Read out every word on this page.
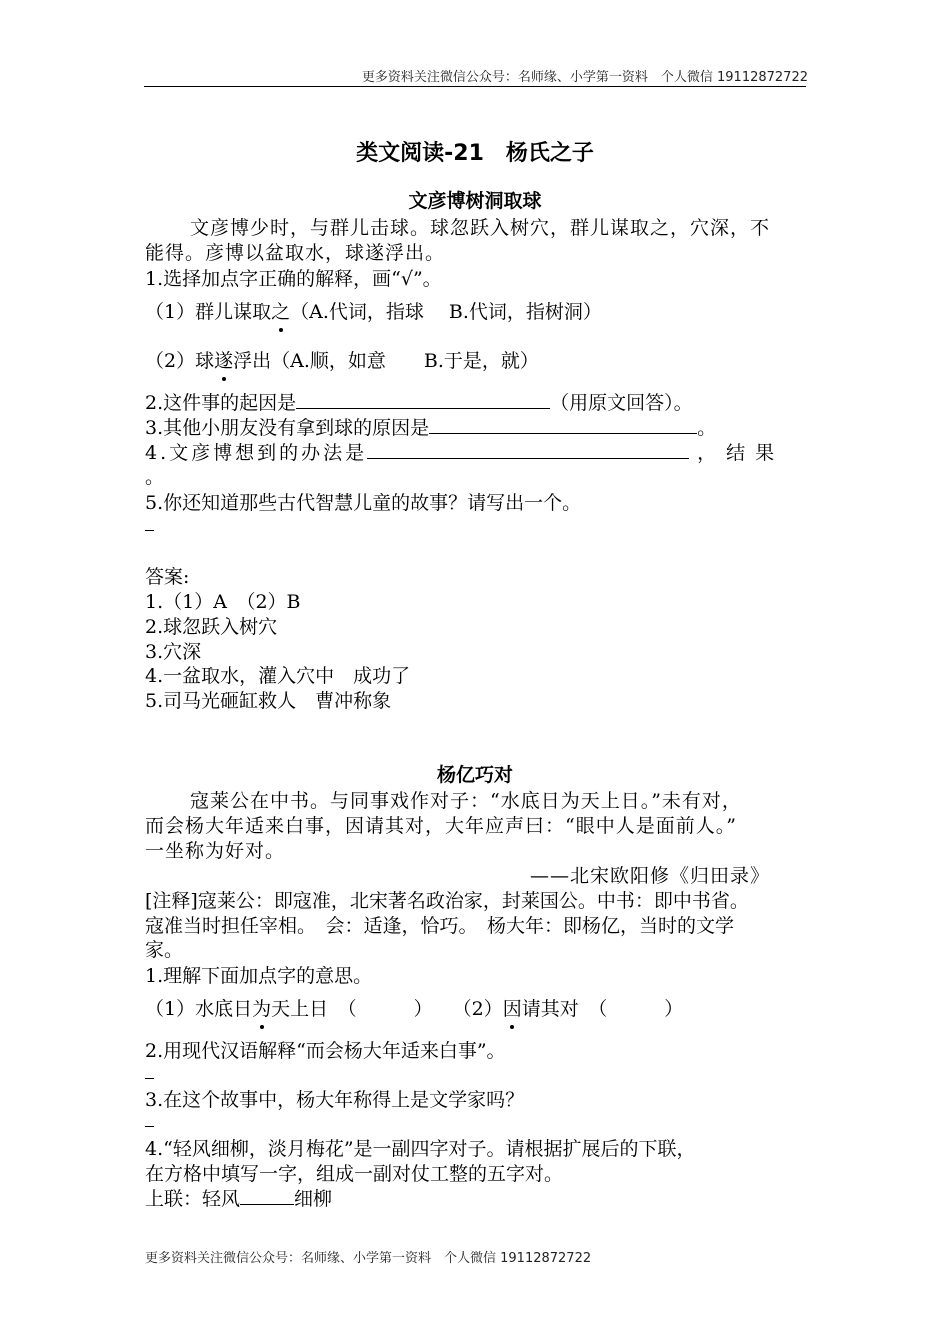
更多资料关注微信公众号：名师缘、小学第一资料　个人微信 19112872722
类文阅读-21　杨氏之子
文彦博树洞取球
文彦博少时，与群儿击球。球忽跃入树穴，群儿谋取之，穴深，不
能得。彦博以盆取水，球遂浮出。
1.选择加点字正确的解释，画“√”。
（1）群儿谋取之（A.代词，指球　 B.代词，指树洞）
（2）球遂浮出（A.顺，如意　　B.于是，就）
2.这件事的起因是	（用原文回答）。
3.其他小朋友没有拿到球的原因是	。
4.文彦博想到的办法是	，结果
。
5.你还知道那些古代智慧儿童的故事？请写出一个。
答案:
1.（1）A　（2）B
2.球忽跃入树穴
3.穴深
4.一盆取水，灌入穴中　成功了
5.司马光砸缸救人　曹冲称象
杨亿巧对
寇莱公在中书。与同事戏作对子：“水底日为天上日。”未有对，
而会杨大年适来白事，因请其对，大年应声曰：“眼中人是面前人。”
一坐称为好对。
——北宋欧阳修《归田录》
[注释]寇莱公：即寇准，北宋著名政治家，封莱国公。中书：即中书省。
寇准当时担任宰相。　会：适逢，恰巧。　杨大年：即杨亿，当时的文学
家。
1.理解下面加点字的意思。
（1）水底日为天上日　（　　　） （2）因请其对　（　　　）
2.用现代汉语解释“而会杨大年适来白事”。
3.在这个故事中，杨大年称得上是文学家吗？
4.“轻风细柳，淡月梅花”是一副四字对子。请根据扩展后的下联，
在方格中填写一字，组成一副对仗工整的五字对。
上联：轻风	细柳
更多资料关注微信公众号：名师缘、小学第一资料　个人微信 19112872722
